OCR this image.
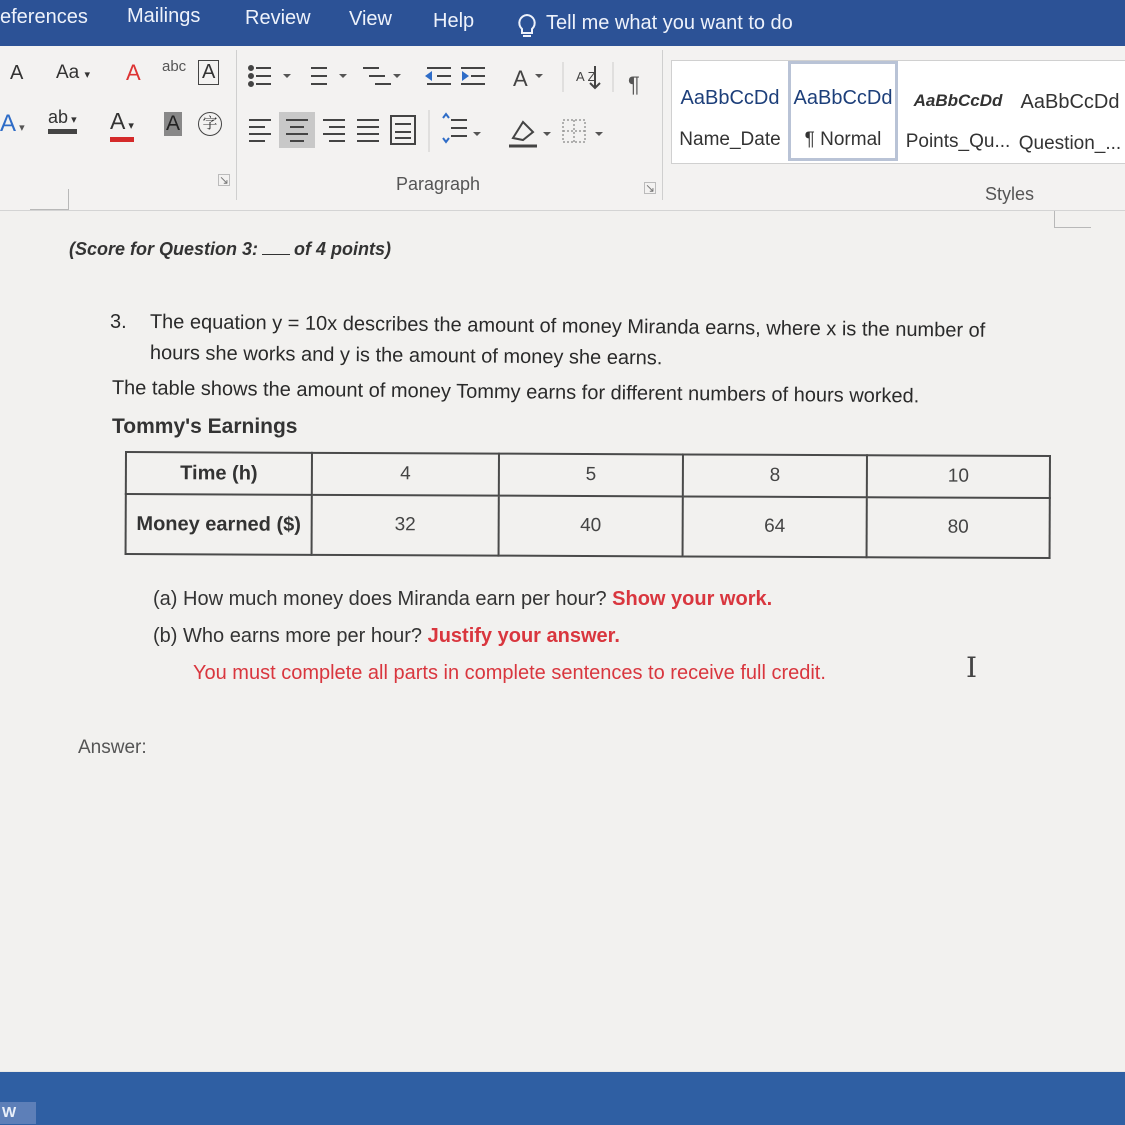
eferences Mailings Review View Help	Tell me what you want to do
A Aa ▾ A abc A
A ▾
ab ▾ A ▾ A 字
↘
A	A Z ¶
Paragraph	↘
AaBbCcDd
Name_Date
AaBbCcDd
¶ Normal
AaBbCcDd
Points_Qu...
AaBbCcDd
Question_...
Styles
(Score for Question 3: of 4 points)
3. The equation y = 10x describes the amount of money Miranda earns, where x is the number of
hours she works and y is the amount of money she earns.
The table shows the amount of money Tommy earns for different numbers of hours worked.
Tommy's Earnings
Time (h)	4	5	8	10
Money earned ($)	32	40	64	80
(a) How much money does Miranda earn per hour? Show your work.
(b) Who earns more per hour? Justify your answer.
You must complete all parts in complete sentences to receive full credit.	I
Answer:
W
